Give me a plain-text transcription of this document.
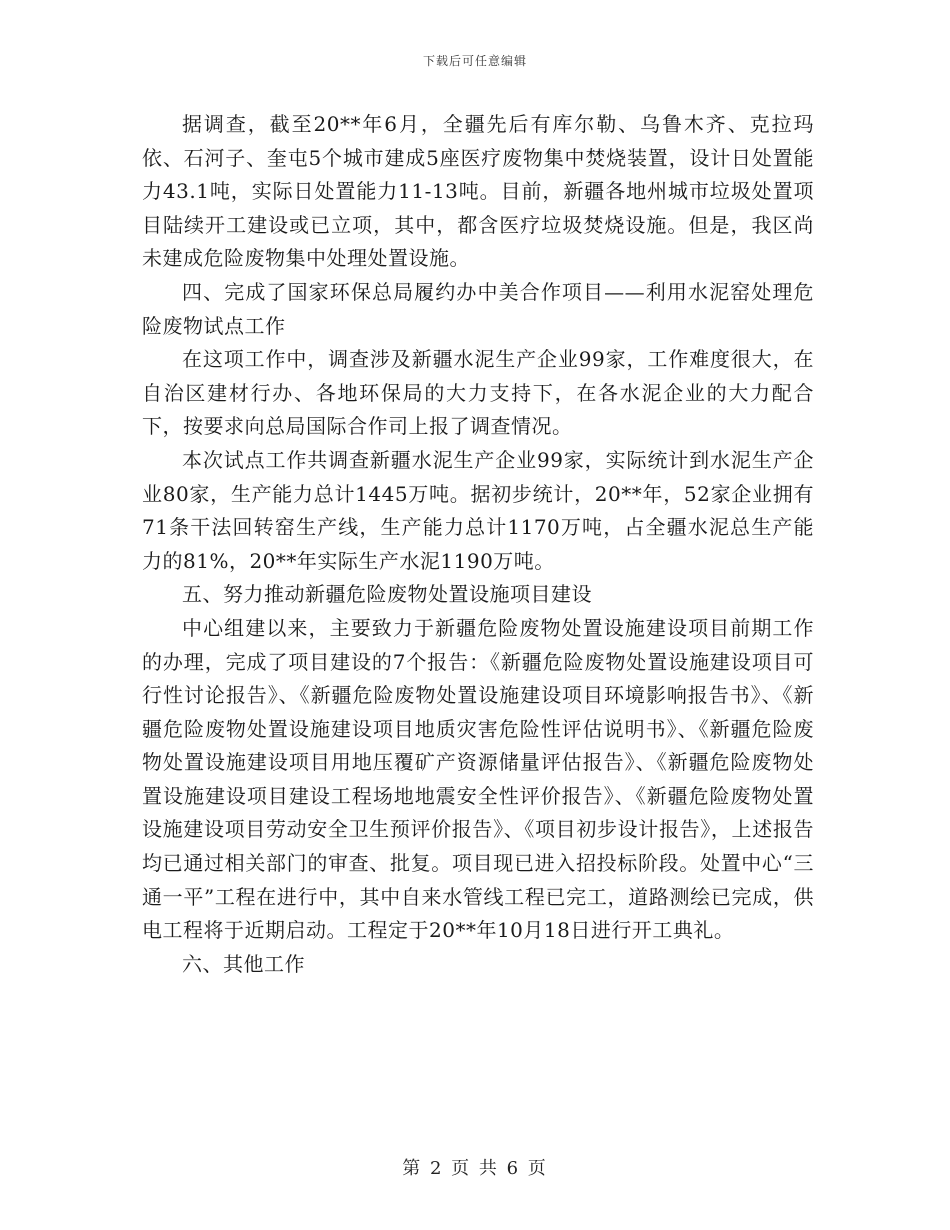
下载后可任意编辑

据调查，截至20**年6月，全疆先后有库尔勒、乌鲁木齐、克拉玛依、石河子、奎屯5个城市建成5座医疗废物集中焚烧装置，设计日处置能力43.1吨，实际日处置能力11-13吨。目前，新疆各地州城市垃圾处置项目陆续开工建设或已立项，其中，都含医疗垃圾焚烧设施。但是，我区尚未建成危险废物集中处理处置设施。

四、完成了国家环保总局履约办中美合作项目——利用水泥窑处理危险废物试点工作

在这项工作中，调查涉及新疆水泥生产企业99家，工作难度很大，在自治区建材行办、各地环保局的大力支持下，在各水泥企业的大力配合下，按要求向总局国际合作司上报了调查情况。

本次试点工作共调查新疆水泥生产企业99家，实际统计到水泥生产企业80家，生产能力总计1445万吨。据初步统计，20**年，52家企业拥有71条干法回转窑生产线，生产能力总计1170万吨，占全疆水泥总生产能力的81%，20**年实际生产水泥1190万吨。

五、努力推动新疆危险废物处置设施项目建设

中心组建以来，主要致力于新疆危险废物处置设施建设项目前期工作的办理，完成了项目建设的7个报告：《新疆危险废物处置设施建设项目可行性讨论报告》、《新疆危险废物处置设施建设项目环境影响报告书》、《新疆危险废物处置设施建设项目地质灾害危险性评估说明书》、《新疆危险废物处置设施建设项目用地压覆矿产资源储量评估报告》、《新疆危险废物处置设施建设项目建设工程场地地震安全性评价报告》、《新疆危险废物处置设施建设项目劳动安全卫生预评价报告》、《项目初步设计报告》，上述报告均已通过相关部门的审查、批复。项目现已进入招投标阶段。处置中心“三通一平”工程在进行中，其中自来水管线工程已完工，道路测绘已完成，供电工程将于近期启动。工程定于20**年10月18日进行开工典礼。

六、其他工作

第 2 页 共 6 页
